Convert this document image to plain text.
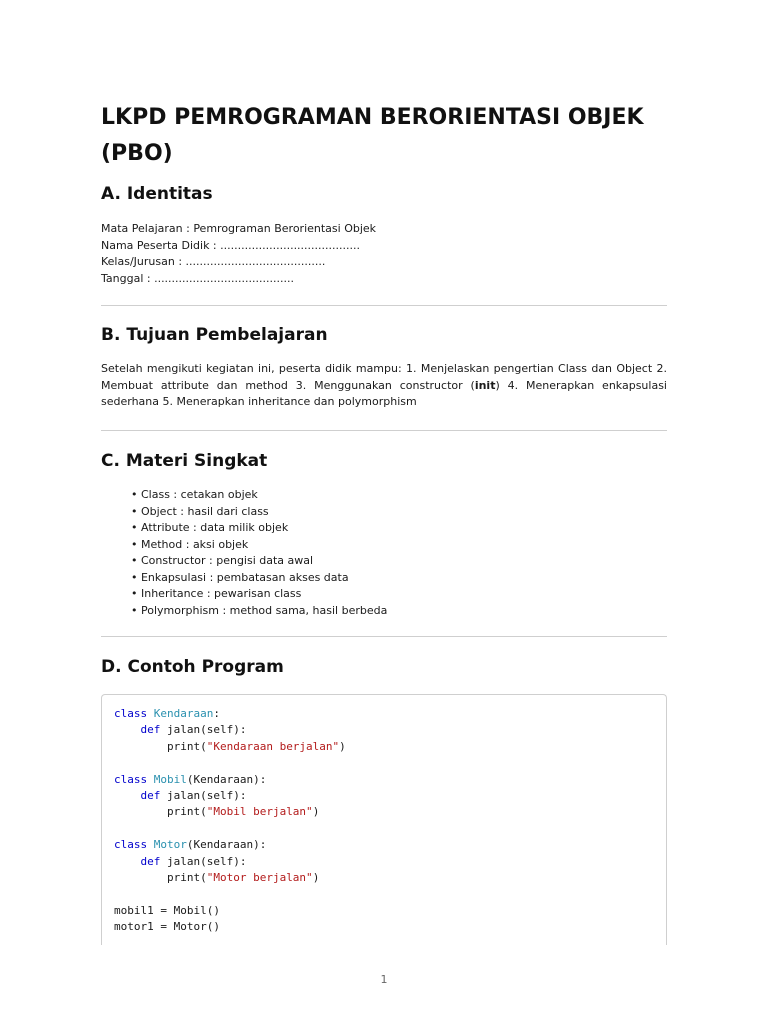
LKPD PEMROGRAMAN BERORIENTASI OBJEK (PBO)
A. Identitas
Mata Pelajaran : Pemrograman Berorientasi Objek
Nama Peserta Didik : ........................................
Kelas/Jurusan : ........................................
Tanggal : ........................................
B. Tujuan Pembelajaran

Setelah mengikuti kegiatan ini, peserta didik mampu: 1. Menjelaskan pengertian Class dan Object 2. Membuat attribute dan method 3. Menggunakan constructor (init) 4. Menerapkan enkapsulasi sederhana 5. Menerapkan inheritance dan polymorphism

C. Materi Singkat
• Class : cetakan objek
• Object : hasil dari class
• Attribute : data milik objek
• Method : aksi objek
• Constructor : pengisi data awal
• Enkapsulasi : pembatasan akses data
• Inheritance : pewarisan class
• Polymorphism : method sama, hasil berbeda
D. Contoh Program
class Kendaraan:
def jalan(self):
print("Kendaraan berjalan")

class Mobil(Kendaraan):
def jalan(self):
print("Mobil berjalan")

class Motor(Kendaraan):
def jalan(self):
print("Motor berjalan")

mobil1 = Mobil()
motor1 = Motor()
1
